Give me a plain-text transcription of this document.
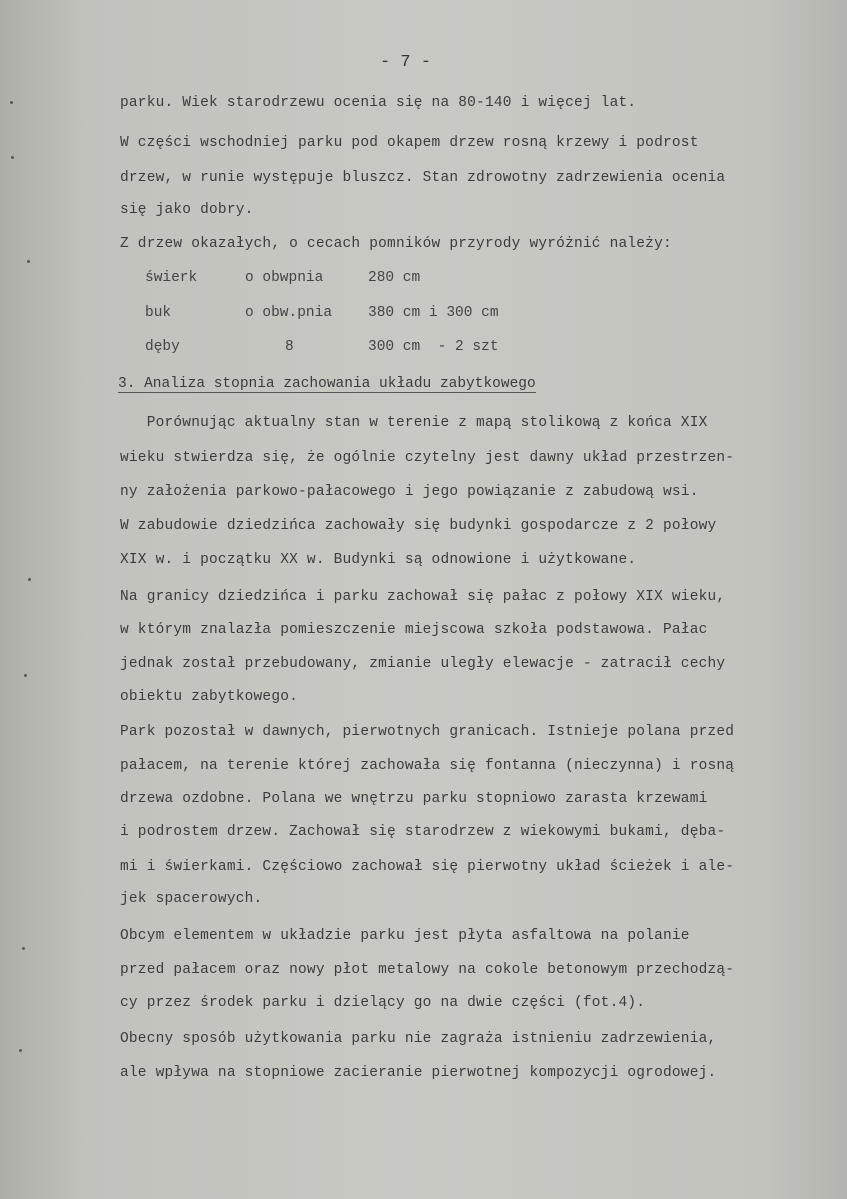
- 7 -
parku. Wiek starodrzewu ocenia się na 80-140 i więcej lat.
W części wschodniej parku pod okapem drzew rosną krzewy i podrost
drzew, w runie występuje bluszcz. Stan zdrowotny zadrzewienia ocenia
się jako dobry.
Z drzew okazałych, o cecach pomników przyrody wyróżnić należy:
świerk	o obwpnia	280 cm
buk	o obw.pnia 380 cm i 300 cm
dęby	8	300 cm  - 2 szt
3. Analiza stopnia zachowania układu zabytkowego
Porównując aktualny stan w terenie z mapą stolikową z końca XIX
wieku stwierdza się, że ogólnie czytelny jest dawny układ przestrzen-
ny założenia parkowo-pałacowego i jego powiązanie z zabudową wsi.
W zabudowie dziedzińca zachowały się budynki gospodarcze z 2 połowy
XIX w. i początku XX w. Budynki są odnowione i użytkowane.
Na granicy dziedzińca i parku zachował się pałac z połowy XIX wieku,
w którym znalazła pomieszczenie miejscowa szkoła podstawowa. Pałac
jednak został przebudowany, zmianie uległy elewacje - zatracił cechy
obiektu zabytkowego.
Park pozostał w dawnych, pierwotnych granicach. Istnieje polana przed
pałacem, na terenie której zachowała się fontanna (nieczynna) i rosną
drzewa ozdobne. Polana we wnętrzu parku stopniowo zarasta krzewami
i podrostem drzew. Zachował się starodrzew z wiekowymi bukami, dęba-
mi i świerkami. Częściowo zachował się pierwotny układ ścieżek i ale-
jek spacerowych.
Obcym elementem w układzie parku jest płyta asfaltowa na polanie
przed pałacem oraz nowy płot metalowy na cokole betonowym przechodzą-
cy przez środek parku i dzielący go na dwie części (fot.4).
Obecny sposób użytkowania parku nie zagraża istnieniu zadrzewienia,
ale wpływa na stopniowe zacieranie pierwotnej kompozycji ogrodowej.
